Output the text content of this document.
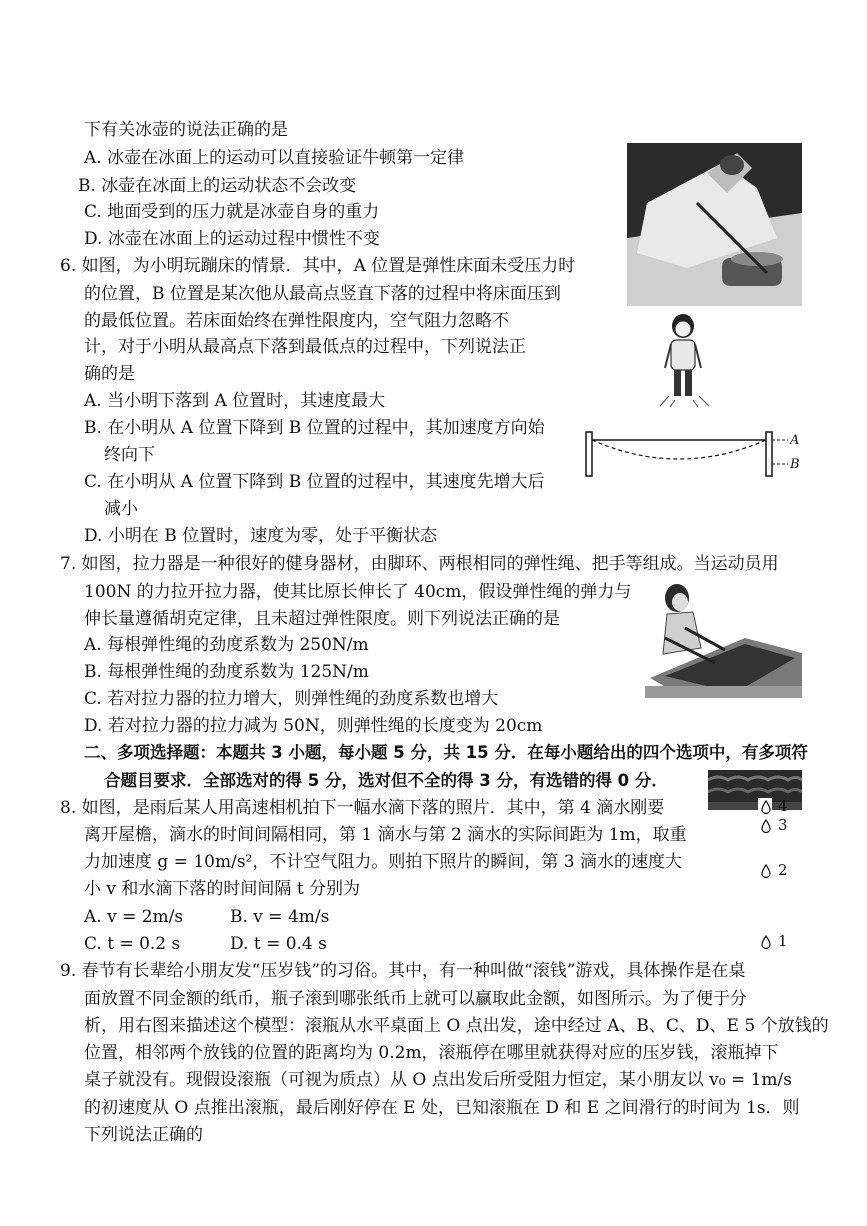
下有关冰壶的说法正确的是
A. 冰壶在冰面上的运动可以直接验证牛顿第一定律
B. 冰壶在冰面上的运动状态不会改变
C. 地面受到的压力就是冰壶自身的重力
D. 冰壶在冰面上的运动过程中惯性不变
6. 如图，为小明玩蹦床的情景．其中，A 位置是弹性床面未受压力时
的位置，B 位置是某次他从最高点竖直下落的过程中将床面压到
的最低位置。若床面始终在弹性限度内，空气阻力忽略不
计，对于小明从最高点下落到最低点的过程中，下列说法正
确的是
A. 当小明下落到 A 位置时，其速度最大
B. 在小明从 A 位置下降到 B 位置的过程中，其加速度方向始
终向下
C. 在小明从 A 位置下降到 B 位置的过程中，其速度先增大后
减小
D. 小明在 B 位置时，速度为零，处于平衡状态
A
B
7. 如图，拉力器是一种很好的健身器材，由脚环、两根相同的弹性绳、把手等组成。当运动员用
100N 的力拉开拉力器，使其比原长伸长了 40cm，假设弹性绳的弹力与
伸长量遵循胡克定律，且未超过弹性限度。则下列说法正确的是
A. 每根弹性绳的劲度系数为 250N/m
B. 每根弹性绳的劲度系数为 125N/m
C. 若对拉力器的拉力增大，则弹性绳的劲度系数也增大
D. 若对拉力器的拉力减为 50N，则弹性绳的长度变为 20cm
二、多项选择题：本题共 3 小题，每小题 5 分，共 15 分．在每小题给出的四个选项中，有多项符
合题目要求．全部选对的得 5 分，选对但不全的得 3 分，有选错的得 0 分．
8. 如图，是雨后某人用高速相机拍下一幅水滴下落的照片．其中，第 4 滴水刚要
离开屋檐，滴水的时间间隔相同，第 1 滴水与第 2 滴水的实际间距为 1m，取重
力加速度 g = 10m/s²，不计空气阻力。则拍下照片的瞬间，第 3 滴水的速度大
小 v 和水滴下落的时间间隔 t 分别为
A. v = 2m/s	B. v = 4m/s
C. t = 0.2 s	D. t = 0.4 s
4
3
2
1
9. 春节有长辈给小朋友发“压岁钱”的习俗。其中，有一种叫做“滚钱”游戏，具体操作是在桌
面放置不同金额的纸币，瓶子滚到哪张纸币上就可以赢取此金额，如图所示。为了便于分
析，用右图来描述这个模型：滚瓶从水平桌面上 O 点出发，途中经过 A、B、C、D、E 5 个放钱的
位置，相邻两个放钱的位置的距离均为 0.2m，滚瓶停在哪里就获得对应的压岁钱，滚瓶掉下
桌子就没有。现假设滚瓶（可视为质点）从 O 点出发后所受阻力恒定，某小朋友以 v₀ = 1m/s
的初速度从 O 点推出滚瓶，最后刚好停在 E 处，已知滚瓶在 D 和 E 之间滑行的时间为 1s．则
下列说法正确的
